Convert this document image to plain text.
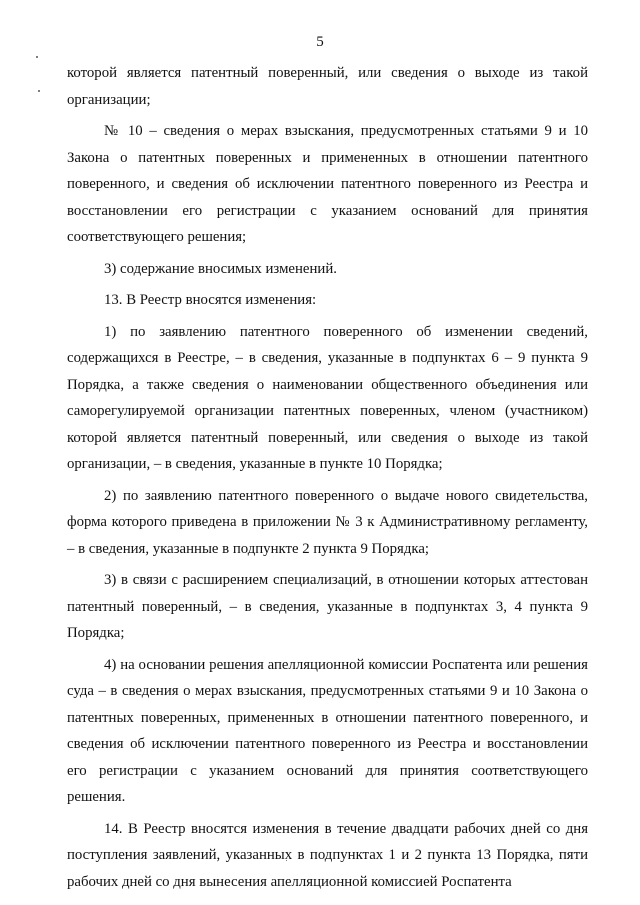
5

которой является патентный поверенный, или сведения о выходе из такой организации;

№ 10 – сведения о мерах взыскания, предусмотренных статьями 9 и 10 Закона о патентных поверенных и примененных в отношении патентного поверенного, и сведения об исключении патентного поверенного из Реестра и восстановлении его регистрации с указанием оснований для принятия соответствующего решения;

3) содержание вносимых изменений.

13. В Реестр вносятся изменения:

1) по заявлению патентного поверенного об изменении сведений, содержащихся в Реестре, – в сведения, указанные в подпунктах 6 – 9 пункта 9 Порядка, а также сведения о наименовании общественного объединения или саморегулируемой организации патентных поверенных, членом (участником) которой является патентный поверенный, или сведения о выходе из такой организации, – в сведения, указанные в пункте 10 Порядка;

2) по заявлению патентного поверенного о выдаче нового свидетельства, форма которого приведена в приложении № 3 к Административному регламенту, – в сведения, указанные в подпункте 2 пункта 9 Порядка;

3) в связи с расширением специализаций, в отношении которых аттестован патентный поверенный, – в сведения, указанные в подпунктах 3, 4 пункта 9 Порядка;

4) на основании решения апелляционной комиссии Роспатента или решения суда – в сведения о мерах взыскания, предусмотренных статьями 9 и 10 Закона о патентных поверенных, примененных в отношении патентного поверенного, и сведения об исключении патентного поверенного из Реестра и восстановлении его регистрации с указанием оснований для принятия соответствующего решения.

14. В Реестр вносятся изменения в течение двадцати рабочих дней со дня поступления заявлений, указанных в подпунктах 1 и 2 пункта 13 Порядка, пяти рабочих дней со дня вынесения апелляционной комиссией Роспатента
